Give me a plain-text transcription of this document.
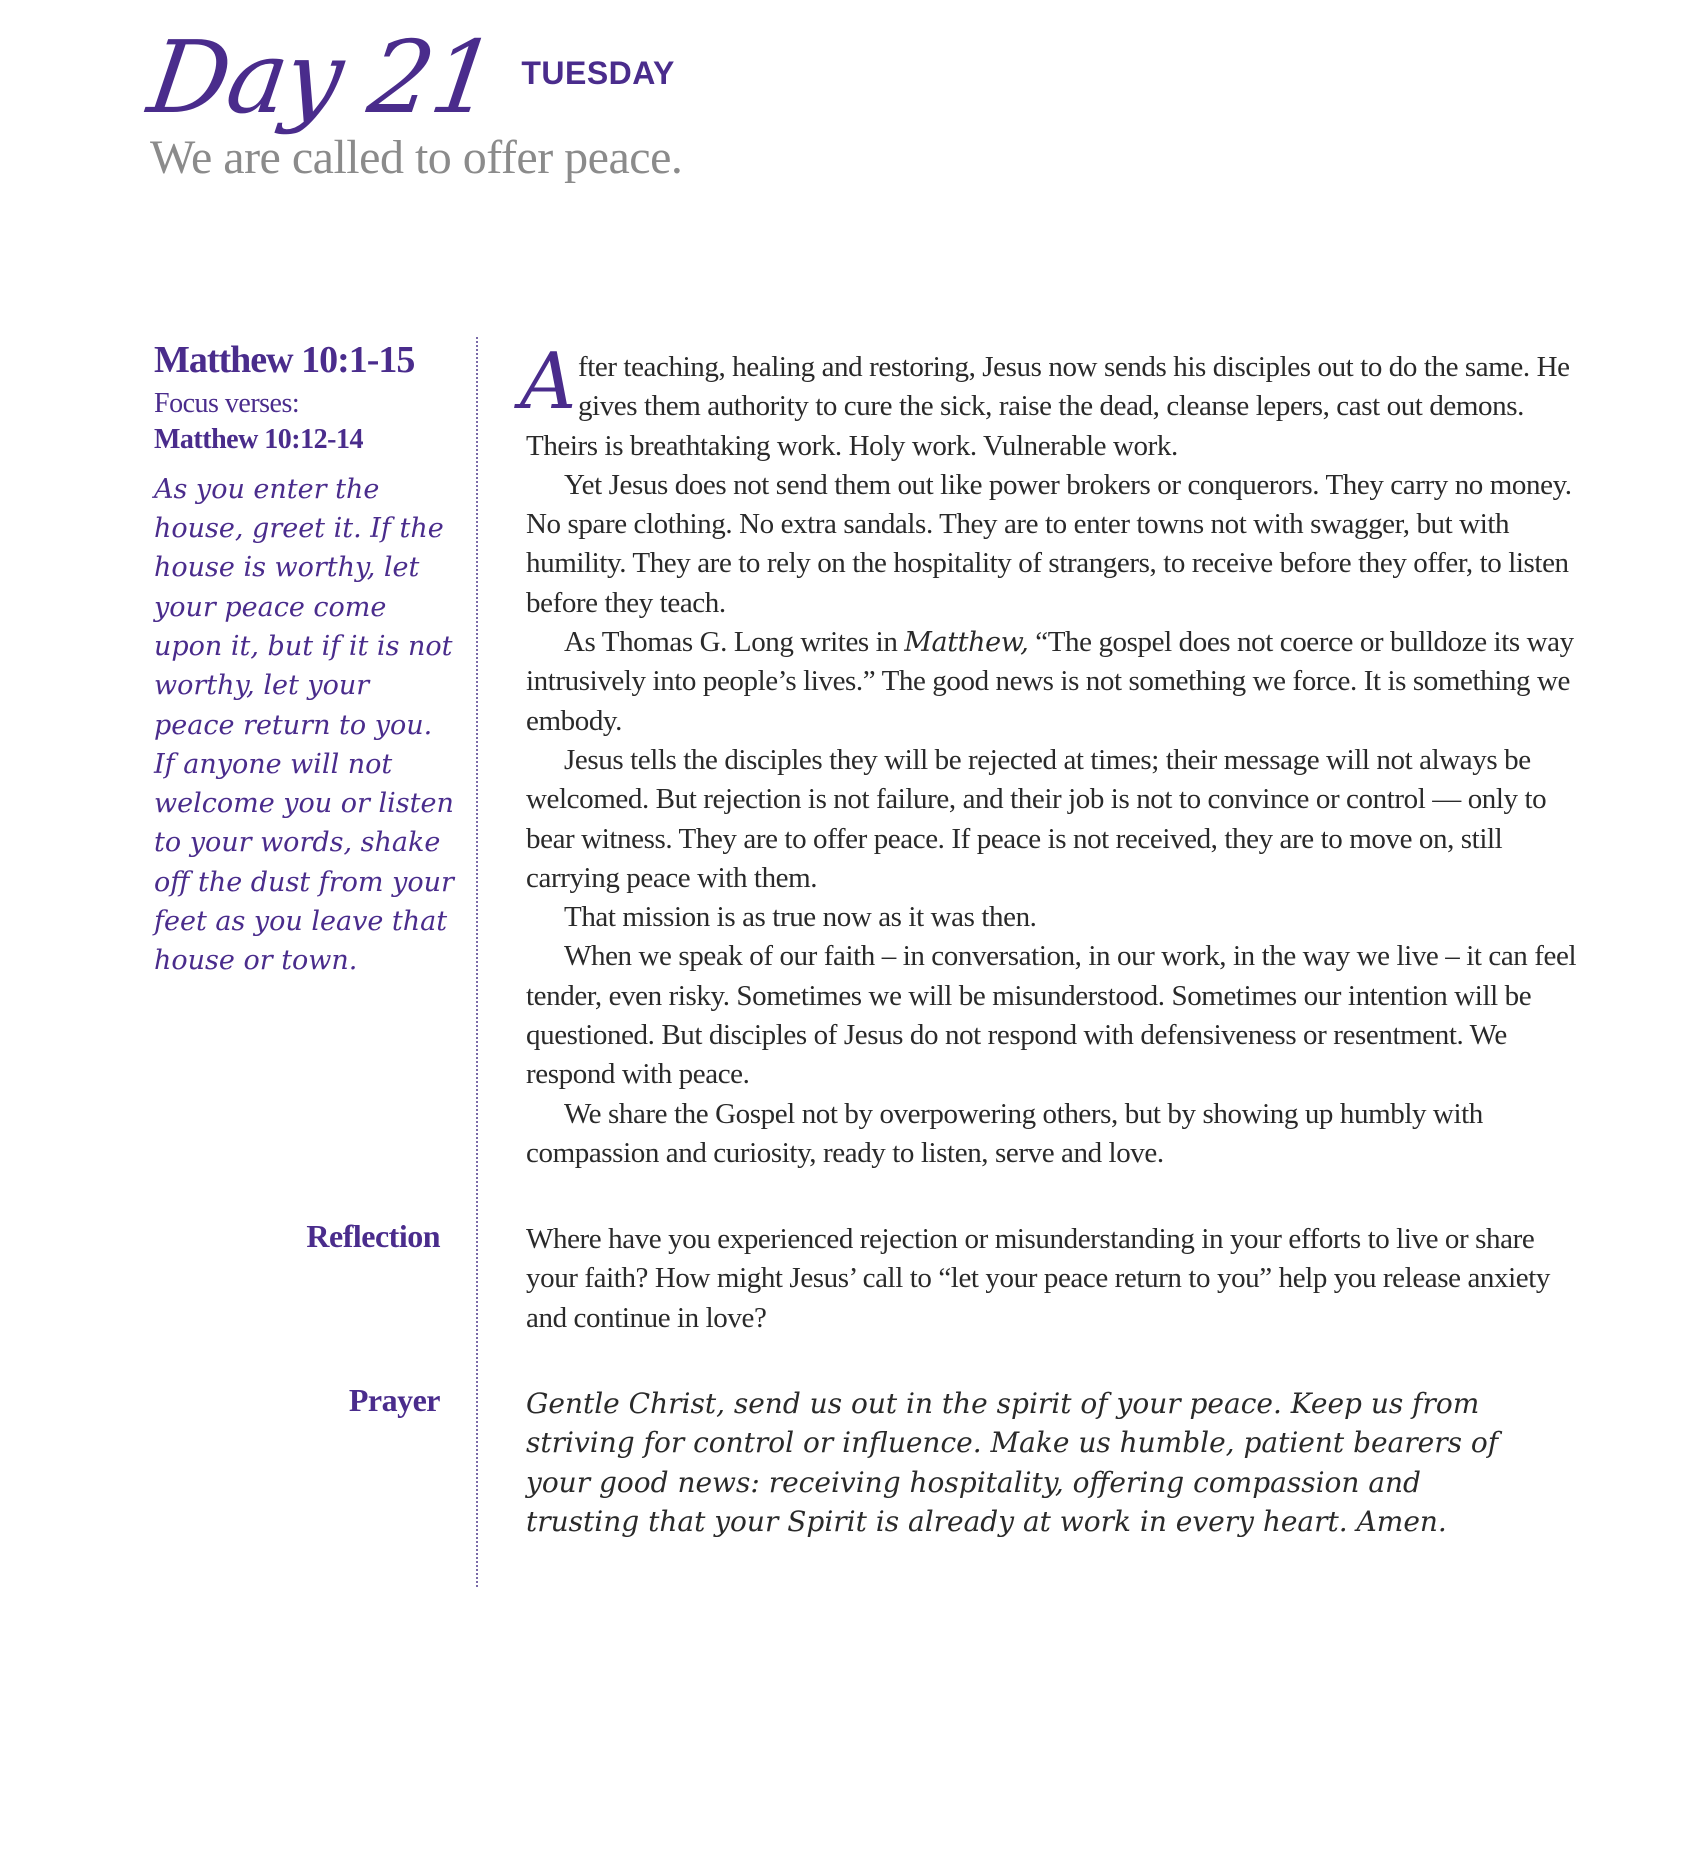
Day 21 TUESDAY
We are called to offer peace.
Matthew 10:1-15
Focus verses:
Matthew 10:12-14
As you enter the house, greet it. If the house is worthy, let your peace come upon it, but if it is not worthy, let your peace return to you. If anyone will not welcome you or listen to your words, shake off the dust from your feet as you leave that house or town.

After teaching, healing and restoring, Jesus now sends his disciples out to do the same. He gives them authority to cure the sick, raise the dead, cleanse lepers, cast out demons. Theirs is breathtaking work. Holy work. Vulnerable work.

Yet Jesus does not send them out like power brokers or conquerors. They carry no money. No spare clothing. No extra sandals. They are to enter towns not with swagger, but with humility. They are to rely on the hospitality of strangers, to receive before they offer, to listen before they teach.

As Thomas G. Long writes in Matthew, “The gospel does not coerce or bulldoze its way intrusively into people’s lives.” The good news is not something we force. It is something we embody.

Jesus tells the disciples they will be rejected at times; their message will not always be welcomed. But rejection is not failure, and their job is not to convince or control — only to bear witness. They are to offer peace. If peace is not received, they are to move on, still carrying peace with them.

That mission is as true now as it was then.

When we speak of our faith – in conversation, in our work, in the way we live – it can feel tender, even risky. Sometimes we will be misunderstood. Sometimes our intention will be questioned. But disciples of Jesus do not respond with defensiveness or resentment. We respond with peace.

We share the Gospel not by overpowering others, but by showing up humbly with compassion and curiosity, ready to listen, serve and love.

Reflection	Where have you experienced rejection or misunderstanding in your efforts to live or share your faith? How might Jesus’ call to “let your peace return to you” help you release anxiety and continue in love?
Prayer	Gentle Christ, send us out in the spirit of your peace. Keep us from striving for control or influence. Make us humble, patient bearers of your good news: receiving hospitality, offering compassion and trusting that your Spirit is already at work in every heart. Amen.
